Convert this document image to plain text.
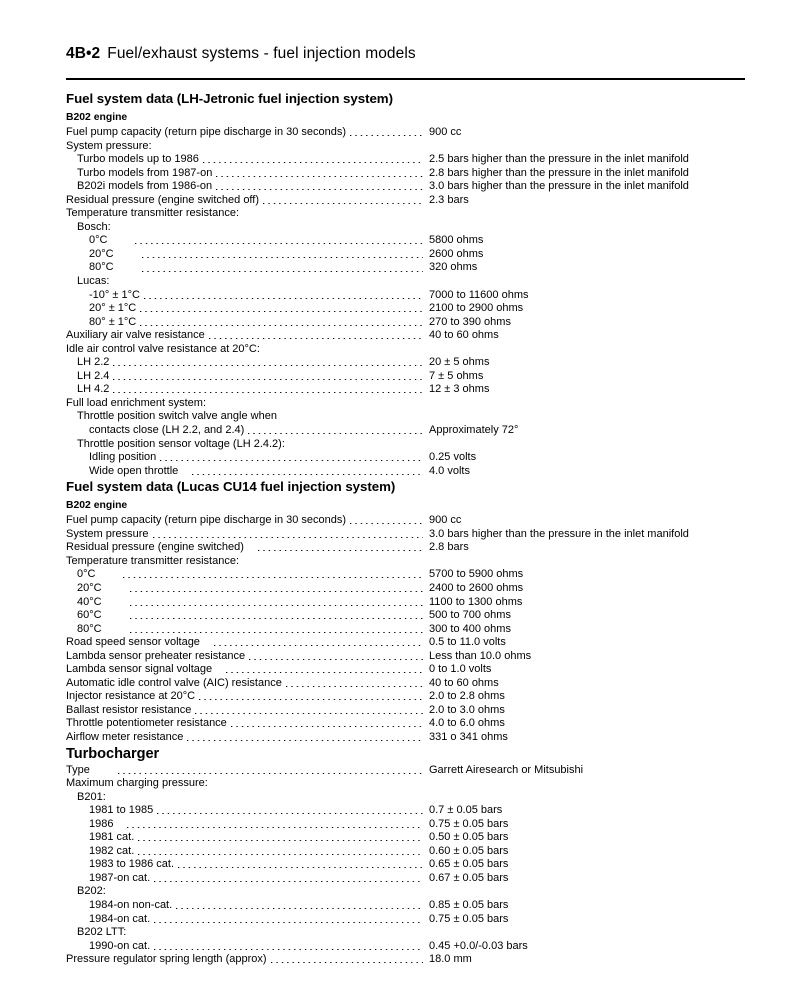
4B•2 Fuel/exhaust systems - fuel injection models
Fuel system data (LH-Jetronic fuel injection system)
B202 engine
Fuel pump capacity (return pipe discharge in 30 seconds)	900 cc
System pressure:
Turbo models up to 1986	2.5 bars higher than the pressure in the inlet manifold
Turbo models from 1987-on	2.8 bars higher than the pressure in the inlet manifold
B202i models from 1986-on	3.0 bars higher than the pressure in the inlet manifold
Residual pressure (engine switched off)	2.3 bars
Temperature transmitter resistance:
Bosch:
0°C	5800 ohms
20°C	2600 ohms
80°C	320 ohms
Lucas:
-10° ± 1°C	7000 to 11600 ohms
20° ± 1°C	2100 to 2900 ohms
80° ± 1°C	270 to 390 ohms
Auxiliary air valve resistance	40 to 60 ohms
Idle air control valve resistance at 20°C:
LH 2.2	20 ± 5 ohms
LH 2.4	7 ± 5 ohms
LH 4.2	12 ± 3 ohms
Full load enrichment system:
Throttle position switch valve angle when
contacts close (LH 2.2, and 2.4)	Approximately 72°
Throttle position sensor voltage (LH 2.4.2):
Idling position	0.25 volts
Wide open throttle	4.0 volts
Fuel system data (Lucas CU14 fuel injection system)
B202 engine
Fuel pump capacity (return pipe discharge in 30 seconds)	900 cc
System pressure	3.0 bars higher than the pressure in the inlet manifold
Residual pressure (engine switched)	2.8 bars
Temperature transmitter resistance:
0°C	5700 to 5900 ohms
20°C	2400 to 2600 ohms
40°C	1100 to 1300 ohms
60°C	500 to 700 ohms
80°C	300 to 400 ohms
Road speed sensor voltage	0.5 to 11.0 volts
Lambda sensor preheater resistance	Less than 10.0 ohms
Lambda sensor signal voltage	0 to 1.0 volts
Automatic idle control valve (AIC) resistance	40 to 60 ohms
Injector resistance at 20°C	2.0 to 2.8 ohms
Ballast resistor resistance	2.0 to 3.0 ohms
Throttle potentiometer resistance	4.0 to 6.0 ohms
Airflow meter resistance	331 o 341 ohms
Turbocharger
Type	Garrett Airesearch or Mitsubishi
Maximum charging pressure:
B201:
1981 to 1985	0.7 ± 0.05 bars
1986	0.75 ± 0.05 bars
1981 cat.	0.50 ± 0.05 bars
1982 cat.	0.60 ± 0.05 bars
1983 to 1986 cat.	0.65 ± 0.05 bars
1987-on cat.	0.67 ± 0.05 bars
B202:
1984-on non-cat.	0.85 ± 0.05 bars
1984-on cat.	0.75 ± 0.05 bars
B202 LTT:
1990-on cat.	0.45 +0.0/-0.03 bars
Pressure regulator spring length (approx)	18.0 mm
